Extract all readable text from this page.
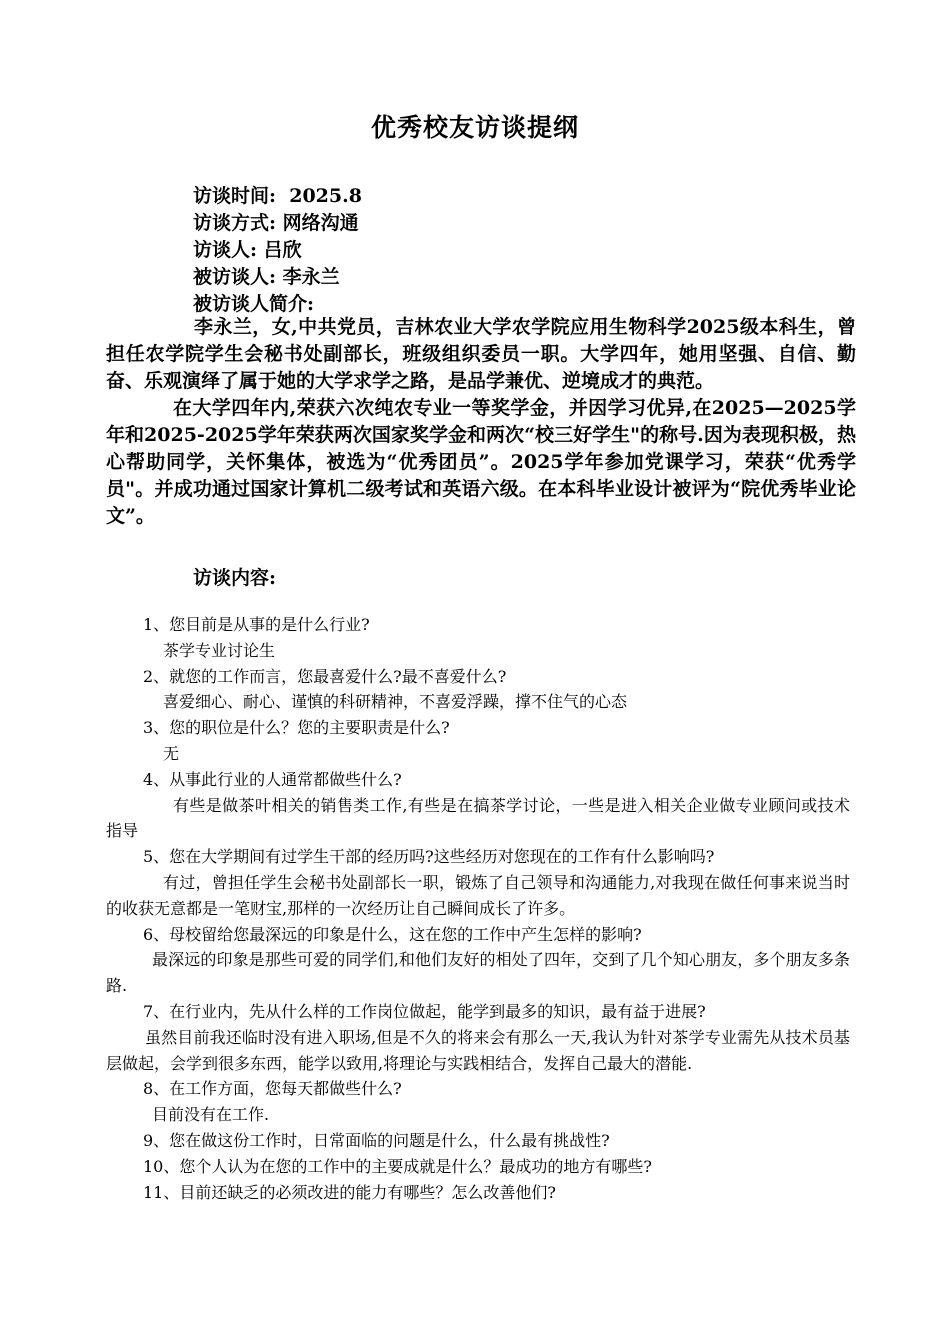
优秀校友访谈提纲
访谈时间:  2025.8
访谈方式: 网络沟通
访谈人: 吕欣
被访谈人: 李永兰
被访谈人简介:

李永兰，女,中共党员，吉林农业大学农学院应用生物科学2025级本科生，曾担任农学院学生会秘书处副部长，班级组织委员一职。大学四年，她用坚强、自信、勤奋、乐观演绎了属于她的大学求学之路，是品学兼优、逆境成才的典范。

在大学四年内,荣获六次纯农专业一等奖学金，并因学习优异,在2025—2025学年和2025-2025学年荣获两次国家奖学金和两次“校三好学生"的称号.因为表现积极，热心帮助同学，关怀集体，被选为“优秀团员”。2025学年参加党课学习，荣获“优秀学员"。并成功通过国家计算机二级考试和英语六级。在本科毕业设计被评为“院优秀毕业论文”。

访谈内容:
1、您目前是从事的是什么行业?
茶学专业讨论生
2、就您的工作而言，您最喜爱什么?最不喜爱什么?
喜爱细心、耐心、谨慎的科研精神，不喜爱浮躁，撑不住气的心态
3、您的职位是什么？您的主要职责是什么?
无
4、从事此行业的人通常都做些什么?
有些是做茶叶相关的销售类工作,有些是在搞茶学讨论，一些是进入相关企业做专业顾问或技术指导
5、您在大学期间有过学生干部的经历吗?这些经历对您现在的工作有什么影响吗?
有过，曾担任学生会秘书处副部长一职，锻炼了自己领导和沟通能力,对我现在做任何事来说当时的收获无意都是一笔财宝,那样的一次经历让自己瞬间成长了许多。
6、母校留给您最深远的印象是什么，这在您的工作中产生怎样的影响?
最深远的印象是那些可爱的同学们,和他们友好的相处了四年，交到了几个知心朋友，多个朋友多条路.
7、在行业内，先从什么样的工作岗位做起，能学到最多的知识，最有益于进展?
虽然目前我还临时没有进入职场,但是不久的将来会有那么一天,我认为针对茶学专业需先从技术员基层做起，会学到很多东西，能学以致用,将理论与实践相结合，发挥自己最大的潜能.
8、在工作方面，您每天都做些什么?
目前没有在工作.
9、您在做这份工作时，日常面临的问题是什么，什么最有挑战性?
10、您个人认为在您的工作中的主要成就是什么？最成功的地方有哪些?
11、目前还缺乏的必须改进的能力有哪些？怎么改善他们?
